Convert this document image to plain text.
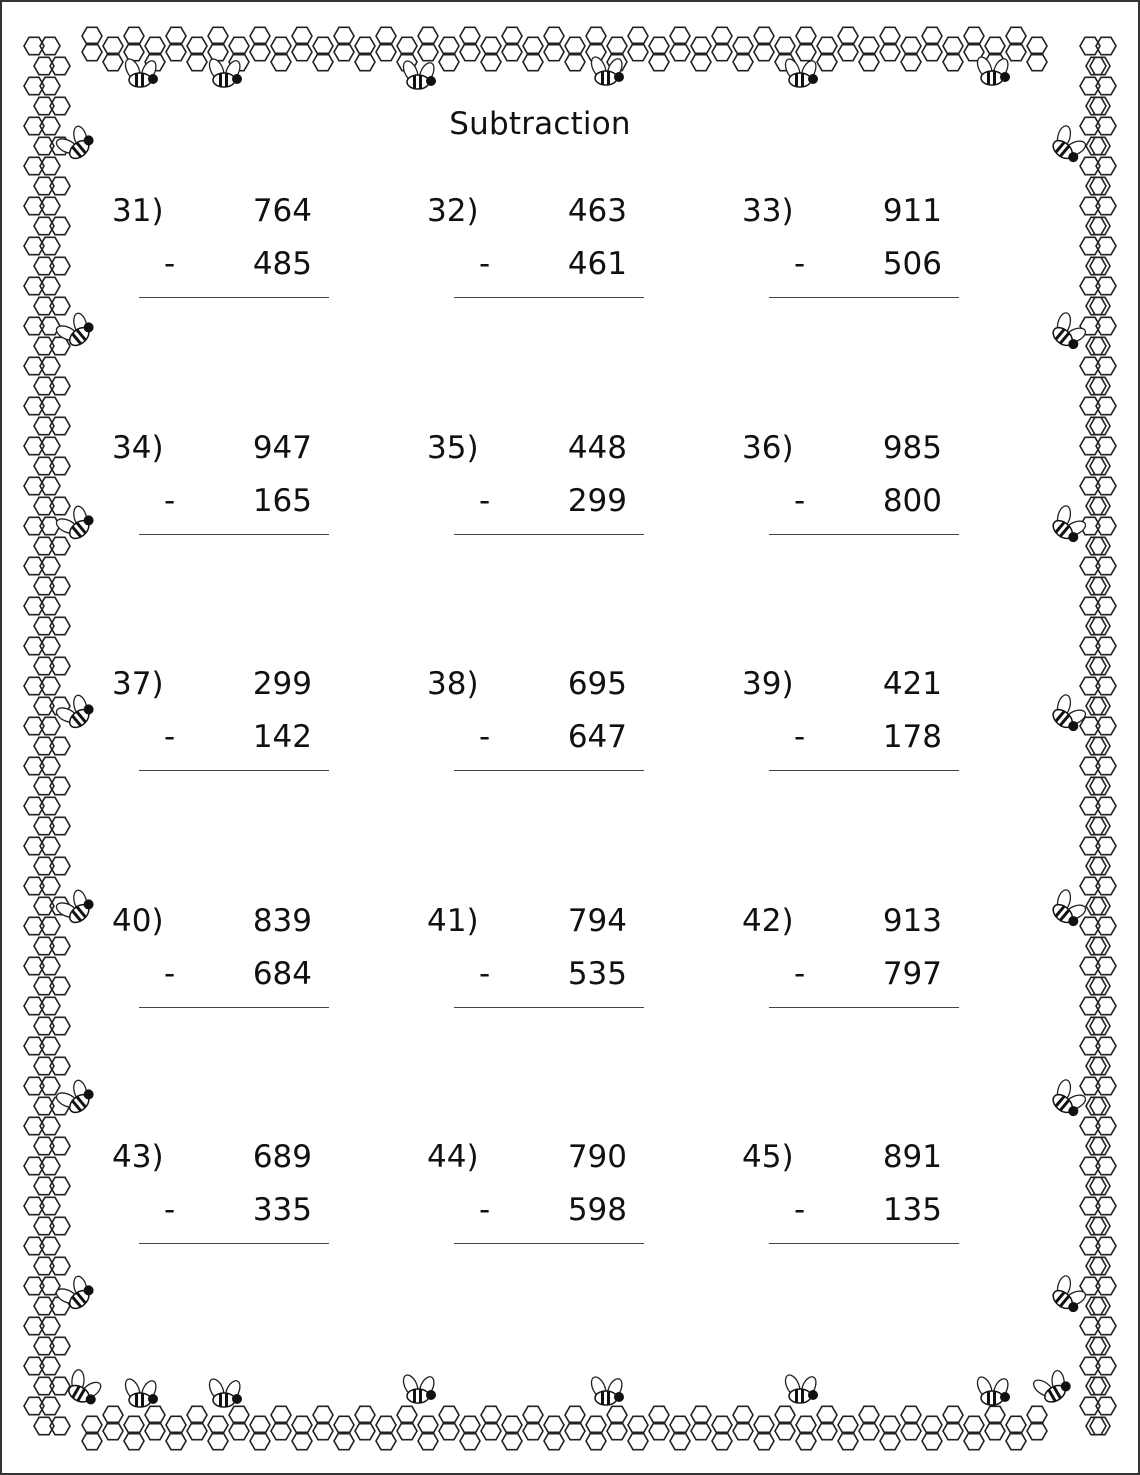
Subtraction
31)	764
-	485
32)	463
-	461
33)	911
-	506
34)	947
-	165
35)	448
-	299
36)	985
-	800
37)	299
-	142
38)	695
-	647
39)	421
-	178
40)	839
-	684
41)	794
-	535
42)	913
-	797
43)	689
-	335
44)	790
-	598
45)	891
-	135
